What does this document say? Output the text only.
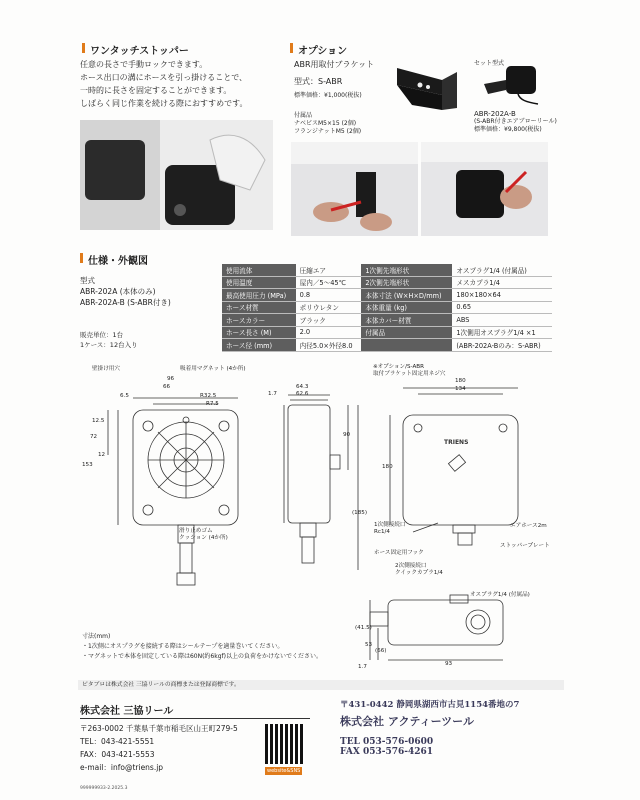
ワンタッチストッパー
任意の長さで手動ロックできます。
ホース出口の溝にホースを引っ掛けることで、
一時的に長さを固定することができます。
しばらく同じ作業を続ける際におすすめです。
オプション
ABR用取付ブラケット
型式：S-ABR
標準価格：¥1,000(税抜)
付属品
ナベビスM5×15 (2個)
フランジナットM5 (2個)
セット型式
ABR-202A-B
(S-ABR付きエアブローリール)
標準価格：¥9,800(税抜)
仕様・外観図
型式
ABR-202A (本体のみ)
ABR-202A-B (S-ABR付き)
販売単位：1台
1ケース：12台入り
使用流体	圧縮エア	1次側先端形状	オスプラグ1/4 (付属品)
使用温度	屋内／5～45℃	2次側先端形状	メスカプラ1/4
最高使用圧力 (MPa)	0.8	本体寸法 (W×H×D/mm)	180×180×64
ホース材質	ポリウレタン	本体重量 (kg)	0.65
ホースカラー	ブラック	本体カバー材質	ABS
ホース長さ (M)	2.0	付属品	1次側用オスプラグ1/4 ×1
ホース径 (mm)	内径5.0×外径8.0		(ABR-202A-Bのみ：S-ABR)
TRIENS
壁掛け用穴	吸着用マグネット (4か所)
滑り止めゴム
クッション (4か所)
※オプション/S-ABR
取付ブラケット固定用ネジ穴
1次側接続口
Rc1/4
エアホース2m
ホース固定用フック
ストッパープレート
2次側接続口
クイックカプラ1/4
オスプラグ1/4 (付属品)
96
66
R32.5
R7.5
6.5
12.5
72
12
153
64.3
62.6
1.7
90
(185)
180
134
180
(41.5)
53
(66)
1.7	93
寸法(mm)
・1次側にオスプラグを接続する際はシールテープを適量巻いてください。
・マグネットで本体を固定している際は60N(約6kgf)以上の負荷をかけないでください。
ピタブロは株式会社 三協リールの商標または登録商標です。
株式会社 三協リール
〒263-0002 千葉県千葉市稲毛区山王町279-5
TEL：043-421-5551
FAX：043-421-5553
e-mail：info@triens.jp	website&SNS
999999933-2.2025.3
〒431-0442 静岡県湖西市古見1154番地の7
株式会社 アクティーツール
TEL 053-576-0600
FAX 053-576-4261
